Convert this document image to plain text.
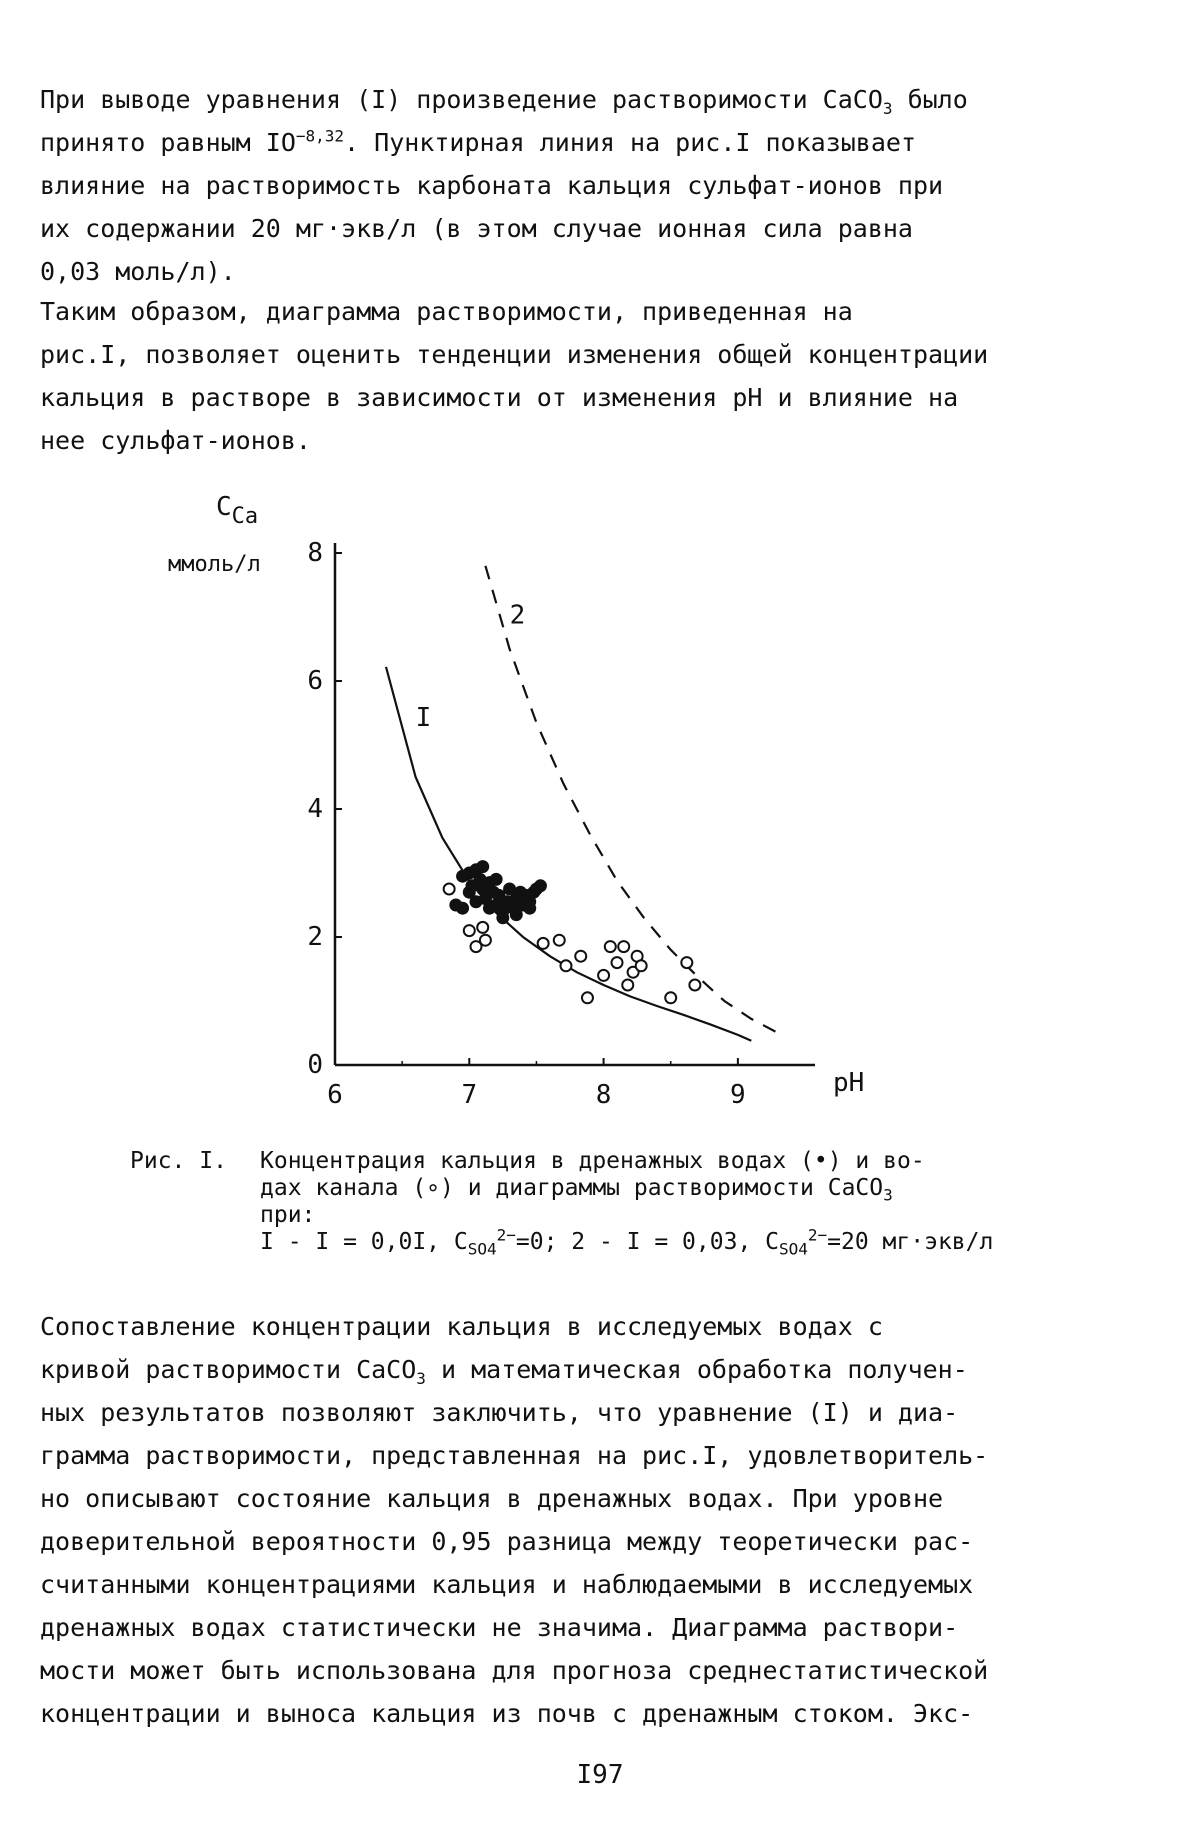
При выводе уравнения (I) произведение растворимости CaCO$_3$ было
принято равным $IO^{-8,32}$. Пунктирная линия на рис.I показывает
влияние на растворимость карбоната кальция сульфат-ионов при
их содержании 20 мг·экв/л (в этом случае ионная сила равна
0,03 моль/л).
Таким образом, диаграмма растворимости, приведенная на
рис.I, позволяет оценить тенденции изменения общей концентрации
кальция в растворе в зависимости от изменения рН и влияние на
нее сульфат-ионов.
$C_{Ca}$
ммоль/л
0
2
4
6
8
6	7	8	9
I
2
pH
Рис. I. Концентрация кальция в дренажных водах (•) и во-
дах канала (∘) и диаграммы растворимости CaCO$_3$
при:
I - I = 0,0I, $C_{SO4}^{2-}=0$; 2 - I = 0,03, $C_{SO4}^{2-}=20$ мг·экв/л
Сопоставление концентрации кальция в исследуемых водах с
кривой растворимости CaCO$_3$ и математическая обработка получен-
ных результатов позволяют заключить, что уравнение (I) и диа-
грамма растворимости, представленная на рис.I, удовлетворитель-
но описывают состояние кальция в дренажных водах. При уровне
доверительной вероятности 0,95 разница между теоретически рас-
считанными концентрациями кальция и наблюдаемыми в исследуемых
дренажных водах статистически не значима. Диаграмма раствори-
мости может быть использована для прогноза среднестатистической
концентрации и выноса кальция из почв с дренажным стоком. Экс-
I97
